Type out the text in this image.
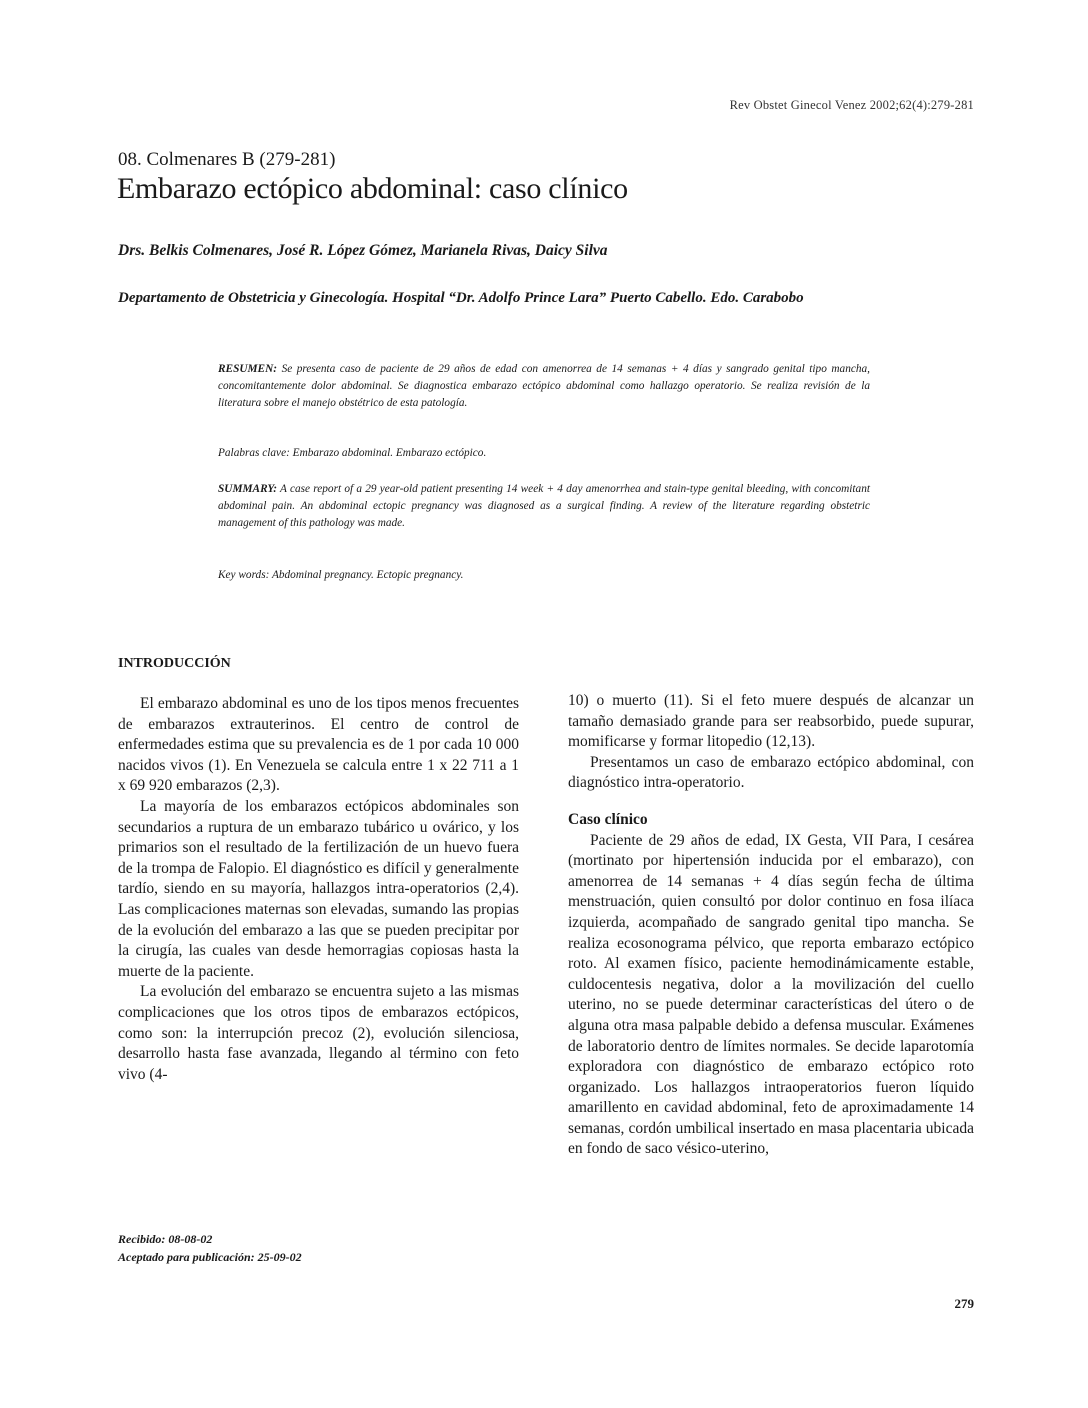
Rev Obstet Ginecol Venez 2002;62(4):279-281
08. Colmenares B (279-281)
Embarazo ectópico abdominal: caso clínico
Drs. Belkis Colmenares, José R. López Gómez, Marianela Rivas, Daicy Silva
Departamento de Obstetricia y Ginecología. Hospital “Dr. Adolfo Prince Lara” Puerto Cabello. Edo. Carabobo
RESUMEN: Se presenta caso de paciente de 29 años de edad con amenorrea de 14 semanas + 4 días y sangrado genital tipo mancha, concomitantemente dolor abdominal. Se diagnostica embarazo ectópico abdominal como hallazgo operatorio. Se realiza revisión de la literatura sobre el manejo obstétrico de esta patología.
Palabras clave: Embarazo abdominal. Embarazo ectópico.
SUMMARY: A case report of a 29 year-old patient presenting 14 week + 4 day amenorrhea and stain-type genital bleeding, with concomitant abdominal pain. An abdominal ectopic pregnancy was diagnosed as a surgical finding. A review of the literature regarding obstetric management of this pathology was made.
Key words: Abdominal pregnancy. Ectopic pregnancy.
INTRODUCCIÓN

El embarazo abdominal es uno de los tipos menos frecuentes de embarazos extrauterinos. El centro de control de enfermedades estima que su prevalencia es de 1 por cada 10 000 nacidos vivos (1). En Venezuela se calcula entre 1 x 22 711 a 1 x 69 920 embarazos (2,3).

La mayoría de los embarazos ectópicos abdominales son secundarios a ruptura de un embarazo tubárico u ovárico, y los primarios son el resultado de la fertilización de un huevo fuera de la trompa de Falopio. El diagnóstico es difícil y generalmente tardío, siendo en su mayoría, hallazgos intra-operatorios (2,4). Las complicaciones maternas son elevadas, sumando las propias de la evolución del embarazo a las que se pueden precipitar por la cirugía, las cuales van desde hemorragias copiosas hasta la muerte de la paciente.

La evolución del embarazo se encuentra sujeto a las mismas complicaciones que los otros tipos de embarazos ectópicos, como son: la interrupción precoz (2), evolución silenciosa, desarrollo hasta fase avanzada, llegando al término con feto vivo (4-

10) o muerto (11). Si el feto muere después de alcanzar un tamaño demasiado grande para ser reabsorbido, puede supurar, momificarse y formar litopedio (12,13).

Presentamos un caso de embarazo ectópico abdominal, con diagnóstico intra-operatorio.

Caso clínico

Paciente de 29 años de edad, IX Gesta, VII Para, I cesárea (mortinato por hipertensión inducida por el embarazo), con amenorrea de 14 semanas + 4 días según fecha de última menstruación, quien consultó por dolor continuo en fosa ilíaca izquierda, acompañado de sangrado genital tipo mancha. Se realiza ecosonograma pélvico, que reporta embarazo ectópico roto. Al examen físico, paciente hemodinámicamente estable, culdocentesis negativa, dolor a la movilización del cuello uterino, no se puede determinar características del útero o de alguna otra masa palpable debido a defensa muscular. Exámenes de laboratorio dentro de límites normales. Se decide laparotomía exploradora con diagnóstico de embarazo ectópico roto organizado. Los hallazgos intraoperatorios fueron líquido amarillento en cavidad abdominal, feto de aproximadamente 14 semanas, cordón umbilical insertado en masa placentaria ubicada en fondo de saco vésico-uterino,

Recibido: 08-08-02
Aceptado para publicación: 25-09-02
279
